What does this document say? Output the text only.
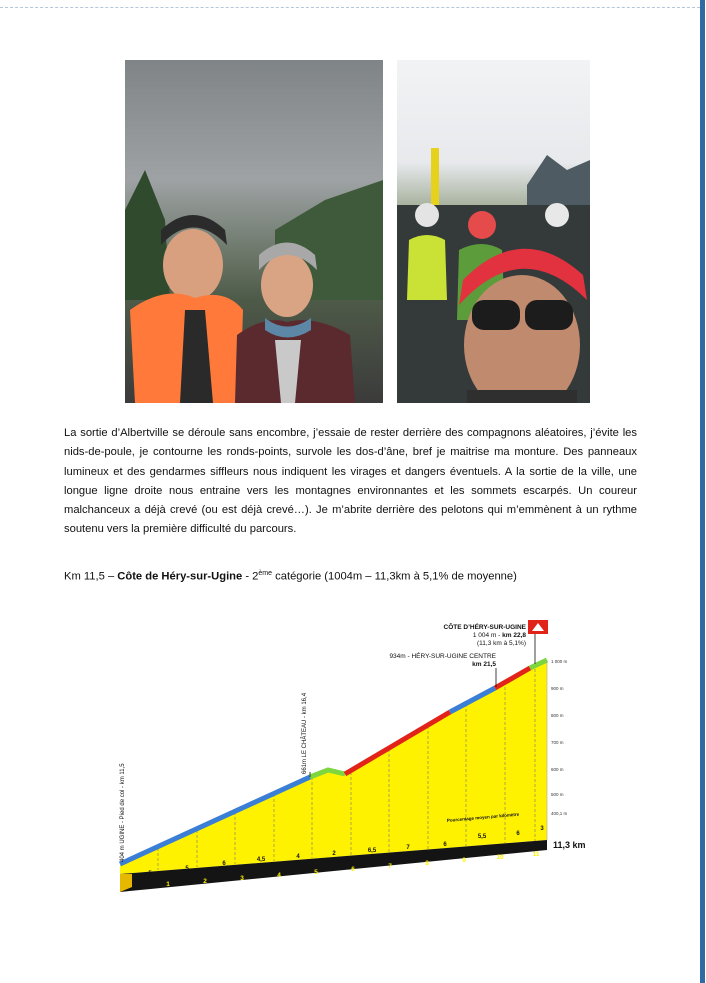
La sortie d’Albertville se déroule sans encombre, j’essaie de rester derrière des compagnons aléatoires, j’évite les nids-de-poule, je contourne les ronds-points, survole les dos-d’âne, bref je maitrise ma monture. Des panneaux lumineux et des gendarmes siffleurs nous indiquent les virages et dangers éventuels. A la sortie de la ville, une longue ligne droite nous entraine vers les montagnes environnantes et les sommets escarpés. Un coureur malchanceux a déjà crevé (ou est déjà crevé…). Je m’abrite derrière des pelotons qui m’emmènent à un rythme soutenu vers la première difficulté du parcours.

Km 11,5 – Côte de Héry-sur-Ugine - 2ème catégorie (1004m – 11,3km à 5,1% de moyenne)
1 000 m
900 m
800 m
700 m
600 m
500 m
400,1 m
CÔTE D’HÉRY-SUR-UGINE
1 004 m - km 22,8
(11,3 km à 5,1%)
934m - HÉRY-SUR-UGINE CENTRE
km 21,5
661m LE CHÂTEAU - km 16,4
404 m UGINE - Pied de col - km 11,5	Pourcentage moyen par kilomètre
5
5
6
4,5	4	2	6,5	7	6
5,5	6
3
1	2	3	4	5	6	7	8	9	10	11
11,3 km
